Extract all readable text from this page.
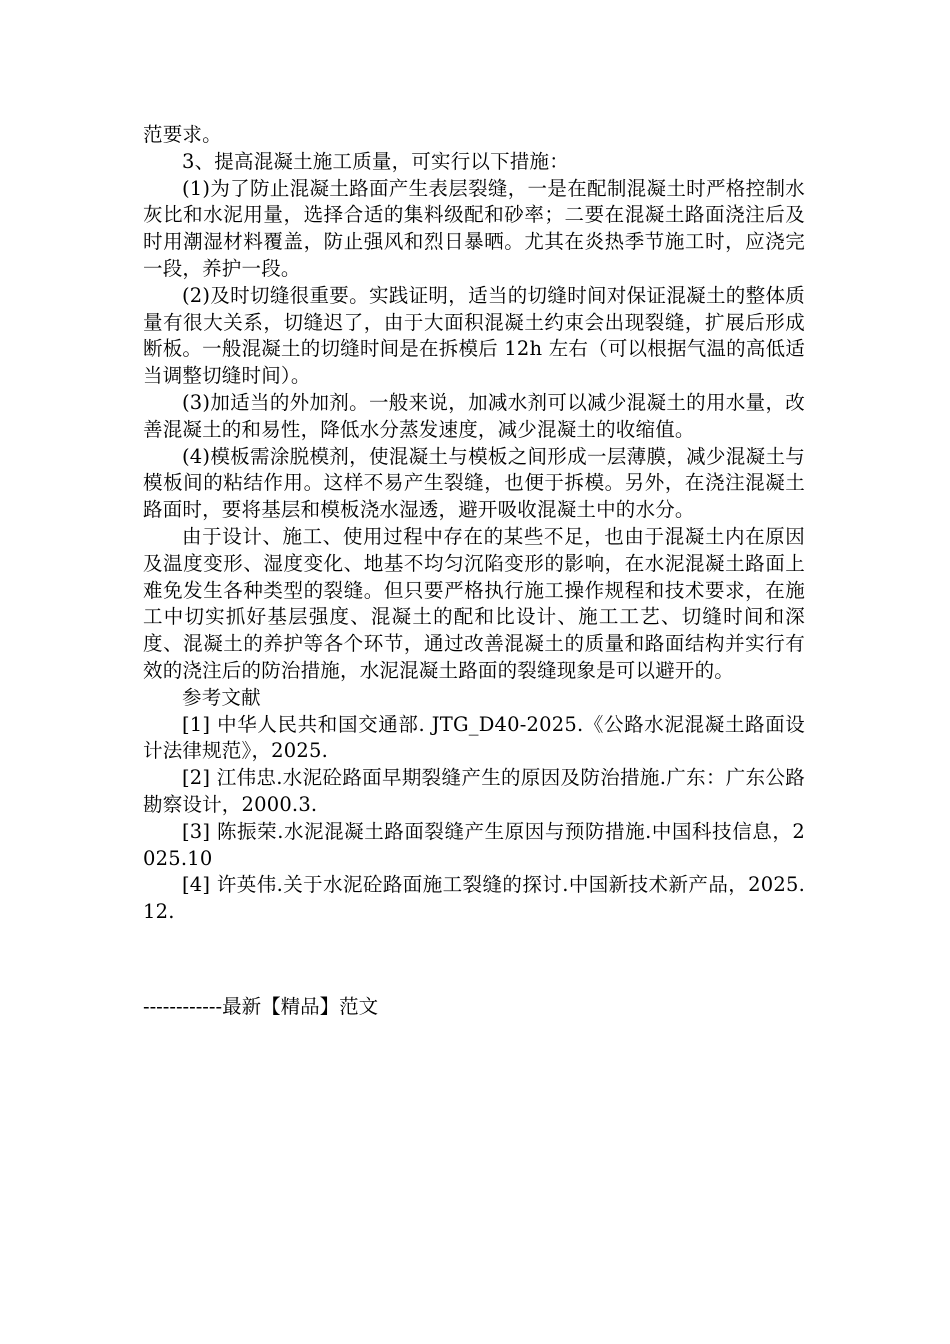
范要求。

3、提高混凝土施工质量，可实行以下措施：

(1)为了防止混凝土路面产生表层裂缝，一是在配制混凝土时严格控制水灰比和水泥用量，选择合适的集料级配和砂率；二要在混凝土路面浇注后及时用潮湿材料覆盖，防止强风和烈日暴晒。尤其在炎热季节施工时，应浇完一段，养护一段。

(2)及时切缝很重要。实践证明，适当的切缝时间对保证混凝土的整体质量有很大关系，切缝迟了，由于大面积混凝土约束会出现裂缝，扩展后形成断板。一般混凝土的切缝时间是在拆模后 12h 左右（可以根据气温的高低适当调整切缝时间）。

(3)加适当的外加剂。一般来说，加减水剂可以减少混凝土的用水量，改善混凝土的和易性，降低水分蒸发速度，减少混凝土的收缩值。

(4)模板需涂脱模剂，使混凝土与模板之间形成一层薄膜，减少混凝土与模板间的粘结作用。这样不易产生裂缝，也便于拆模。另外，在浇注混凝土路面时，要将基层和模板浇水湿透，避开吸收混凝土中的水分。

由于设计、施工、使用过程中存在的某些不足，也由于混凝土内在原因及温度变形、湿度变化、地基不均匀沉陷变形的影响，在水泥混凝土路面上难免发生各种类型的裂缝。但只要严格执行施工操作规程和技术要求，在施工中切实抓好基层强度、混凝土的配和比设计、施工工艺、切缝时间和深度、混凝土的养护等各个环节，通过改善混凝土的质量和路面结构并实行有效的浇注后的防治措施，水泥混凝土路面的裂缝现象是可以避开的。

参考文献

[1] 中华人民共和国交通部. JTG_D40-2025.《公路水泥混凝土路面设计法律规范》，2025.

[2] 江伟忠.水泥砼路面早期裂缝产生的原因及防治措施.广东：广东公路勘察设计，2000.3.

[3] 陈振荣.水泥混凝土路面裂缝产生原因与预防措施.中国科技信息，2025.10

[4] 许英伟.关于水泥砼路面施工裂缝的探讨.中国新技术新产品，2025.12.

------------最新【精品】范文
